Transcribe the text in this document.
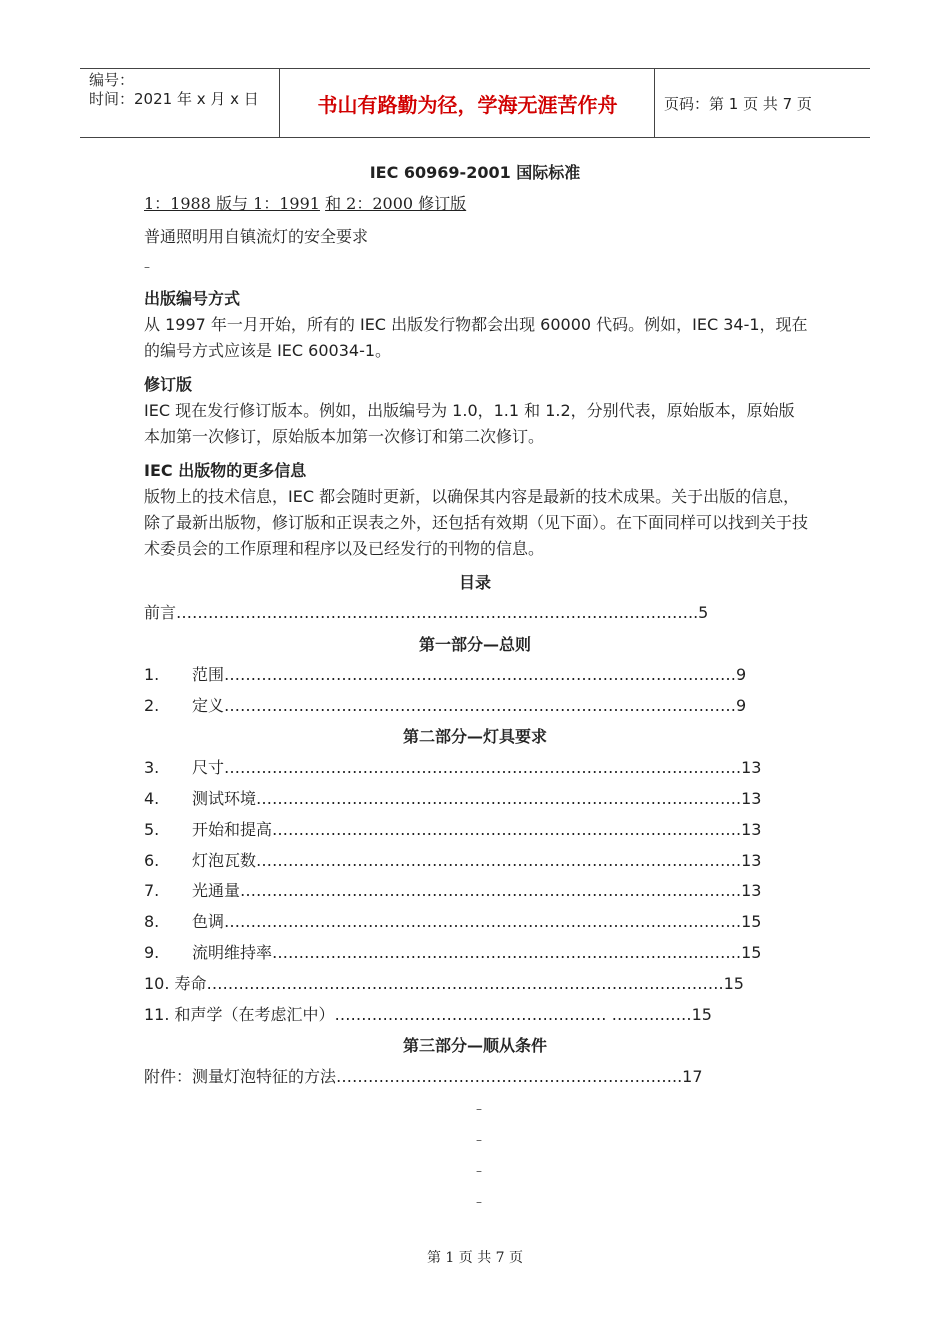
编号：
时间：2021 年 x 月 x 日	书山有路勤为径，学海无涯苦作舟	页码：第 1 页 共 7 页
IEC 60969-2001 国际标准
1：1988 版与 1：1991 和 2：2000 修订版
普通照明用自镇流灯的安全要求
–
出版编号方式
从 1997 年一月开始，所有的 IEC 出版发行物都会出现 60000 代码。例如，IEC 34-1，现在的编号方式应该是 IEC 60034-1。
修订版
IEC 现在发行修订版本。例如，出版编号为 1.0，1.1 和 1.2，分别代表，原始版本，原始版本加第一次修订，原始版本加第一次修订和第二次修订。
IEC 出版物的更多信息
版物上的技术信息，IEC 都会随时更新，以确保其内容是最新的技术成果。关于出版的信息，除了最新出版物，修订版和正误表之外，还包括有效期（见下面）。在下面同样可以找到关于技术委员会的工作原理和程序以及已经发行的刊物的信息。
目录
前言……………………………………………………………………………………..5
第一部分—总则
1. 范围……………………………………………………………………………………9
2. 定义……………………………………………………………………………………9
第二部分—灯具要求
3. 尺寸…………………………………………………………………………………….13
4. 测试环境……………………………………………………………………………….13
5. 开始和提高…………………………………………………………………………….13
6. 灯泡瓦数……………………………………………………………………………….13
7. 光通量………………………………………………………………………………….13
8. 色调…………………………………………………………………………………….15
9. 流明维持率…………………………………………………………………………….15
10. 寿命…………………………………………………………………………………….15
11. 和声学（在考虑汇中）…………………………………………… ……………15
第三部分—顺从条件
附件：测量灯泡特征的方法………………………………………………………..17
–
–
–
–
第 1 页 共 7 页
